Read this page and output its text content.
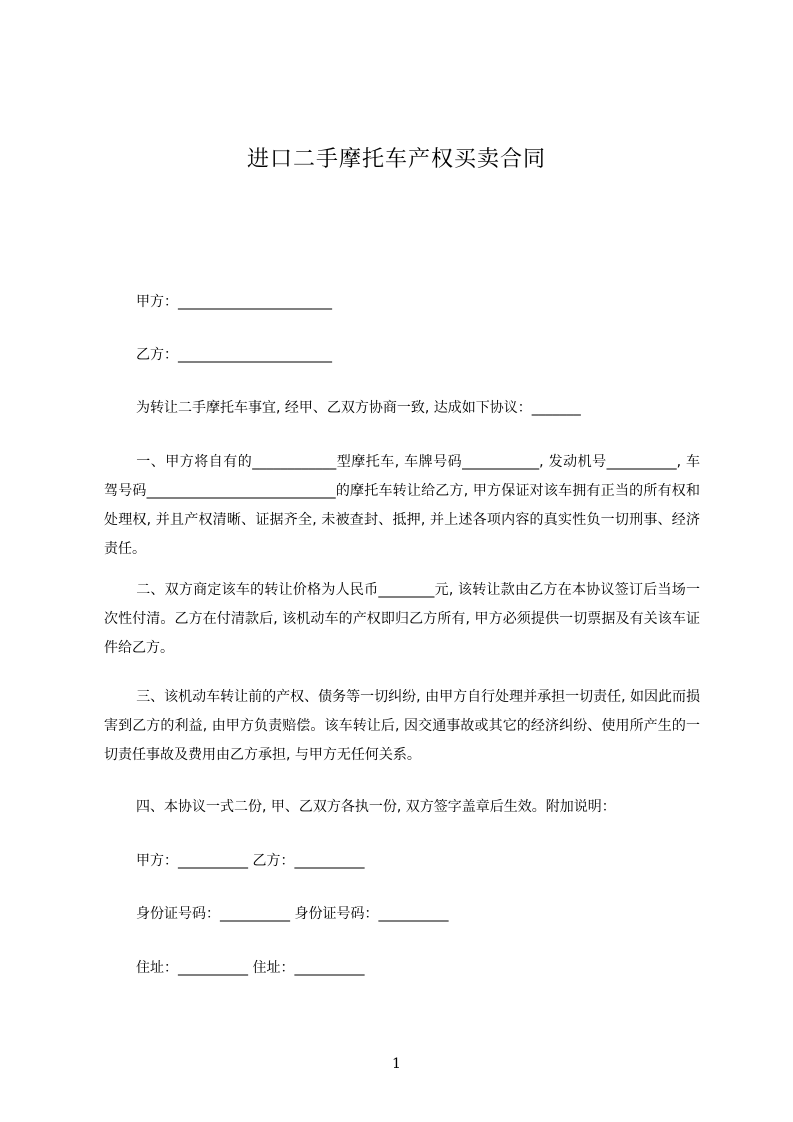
进口二手摩托车产权买卖合同
甲方：______________________
乙方：______________________
为转让二手摩托车事宜, 经甲、乙双方协商一致, 达成如下协议：_______
一、甲方将自有的____________型摩托车, 车牌号码___________, 发动机号__________, 车驾号码___________________________的摩托车转让给乙方, 甲方保证对该车拥有正当的所有权和处理权, 并且产权清晰、证据齐全, 未被查封、抵押, 并上述各项内容的真实性负一切刑事、经济责任。
二、双方商定该车的转让价格为人民币________元, 该转让款由乙方在本协议签订后当场一次性付清。乙方在付清款后, 该机动车的产权即归乙方所有, 甲方必须提供一切票据及有关该车证件给乙方。
三、该机动车转让前的产权、债务等一切纠纷, 由甲方自行处理并承担一切责任, 如因此而损害到乙方的利益, 由甲方负责赔偿。该车转让后, 因交通事故或其它的经济纠纷、使用所产生的一切责任事故及费用由乙方承担, 与甲方无任何关系。
四、本协议一式二份, 甲、乙双方各执一份, 双方签字盖章后生效。附加说明：
甲方：__________ 乙方：__________
身份证号码：__________ 身份证号码：__________
住址：__________ 住址：__________
1
